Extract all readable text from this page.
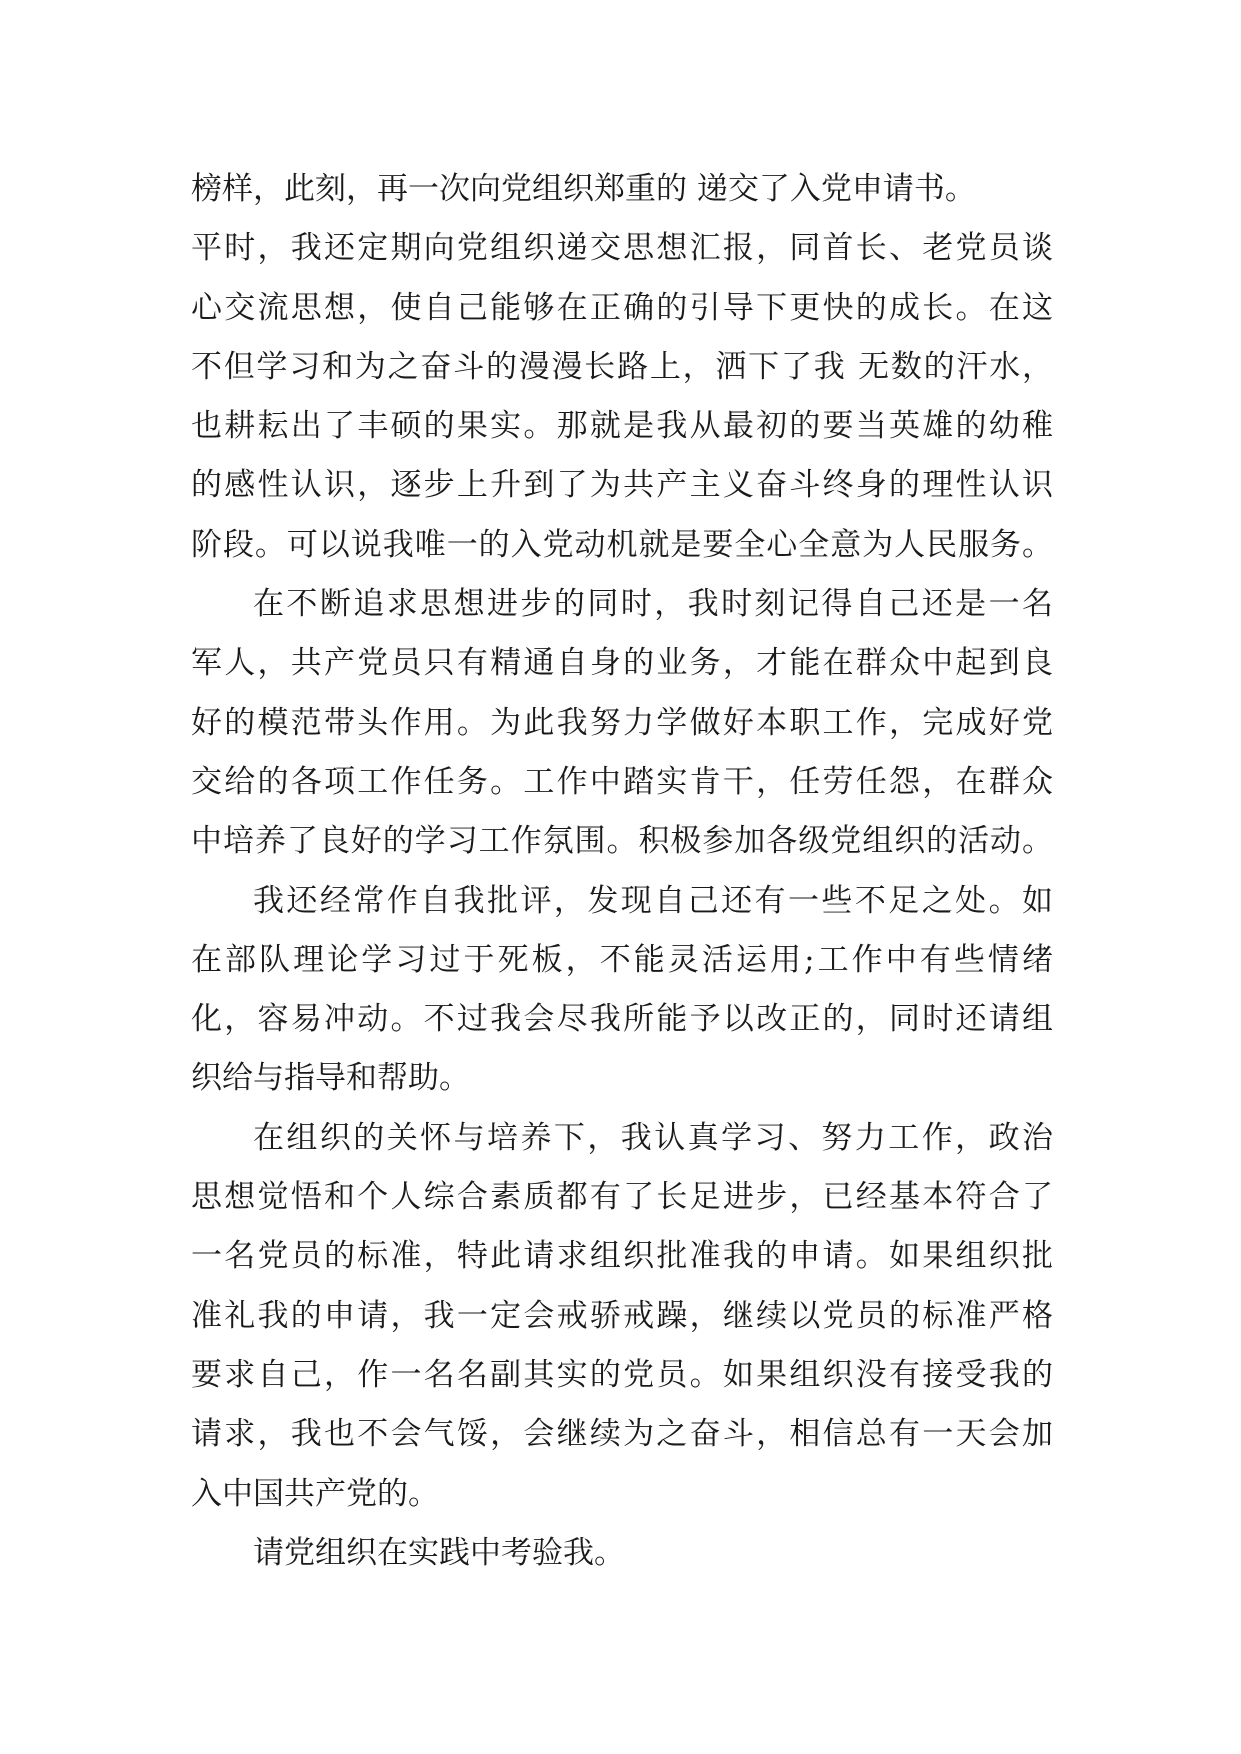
榜样，此刻，再一次向党组织郑重的 递交了入党申请书。
平时，我还定期向党组织递交思想汇报，同首长、老党员谈
心交流思想，使自己能够在正确的引导下更快的成长。在这
不但学习和为之奋斗的漫漫长路上，洒下了我 无数的汗水，
也耕耘出了丰硕的果实。那就是我从最初的要当英雄的幼稚
的感性认识，逐步上升到了为共产主义奋斗终身的理性认识
阶段。可以说我唯一的入党动机就是要全心全意为人民服务。
在不断追求思想进步的同时，我时刻记得自己还是一名
军人，共产党员只有精通自身的业务，才能在群众中起到良
好的模范带头作用。为此我努力学做好本职工作，完成好党
交给的各项工作任务。工作中踏实肯干，任劳任怨，在群众
中培养了良好的学习工作氛围。积极参加各级党组织的活动。
我还经常作自我批评，发现自己还有一些不足之处。如
在部队理论学习过于死板，不能灵活运用;工作中有些情绪
化，容易冲动。不过我会尽我所能予以改正的，同时还请组
织给与指导和帮助。
在组织的关怀与培养下，我认真学习、努力工作，政治
思想觉悟和个人综合素质都有了长足进步，已经基本符合了
一名党员的标准，特此请求组织批准我的申请。如果组织批
准礼我的申请，我一定会戒骄戒躁，继续以党员的标准严格
要求自己，作一名名副其实的党员。如果组织没有接受我的
请求，我也不会气馁，会继续为之奋斗，相信总有一天会加
入中国共产党的。
请党组织在实践中考验我。
